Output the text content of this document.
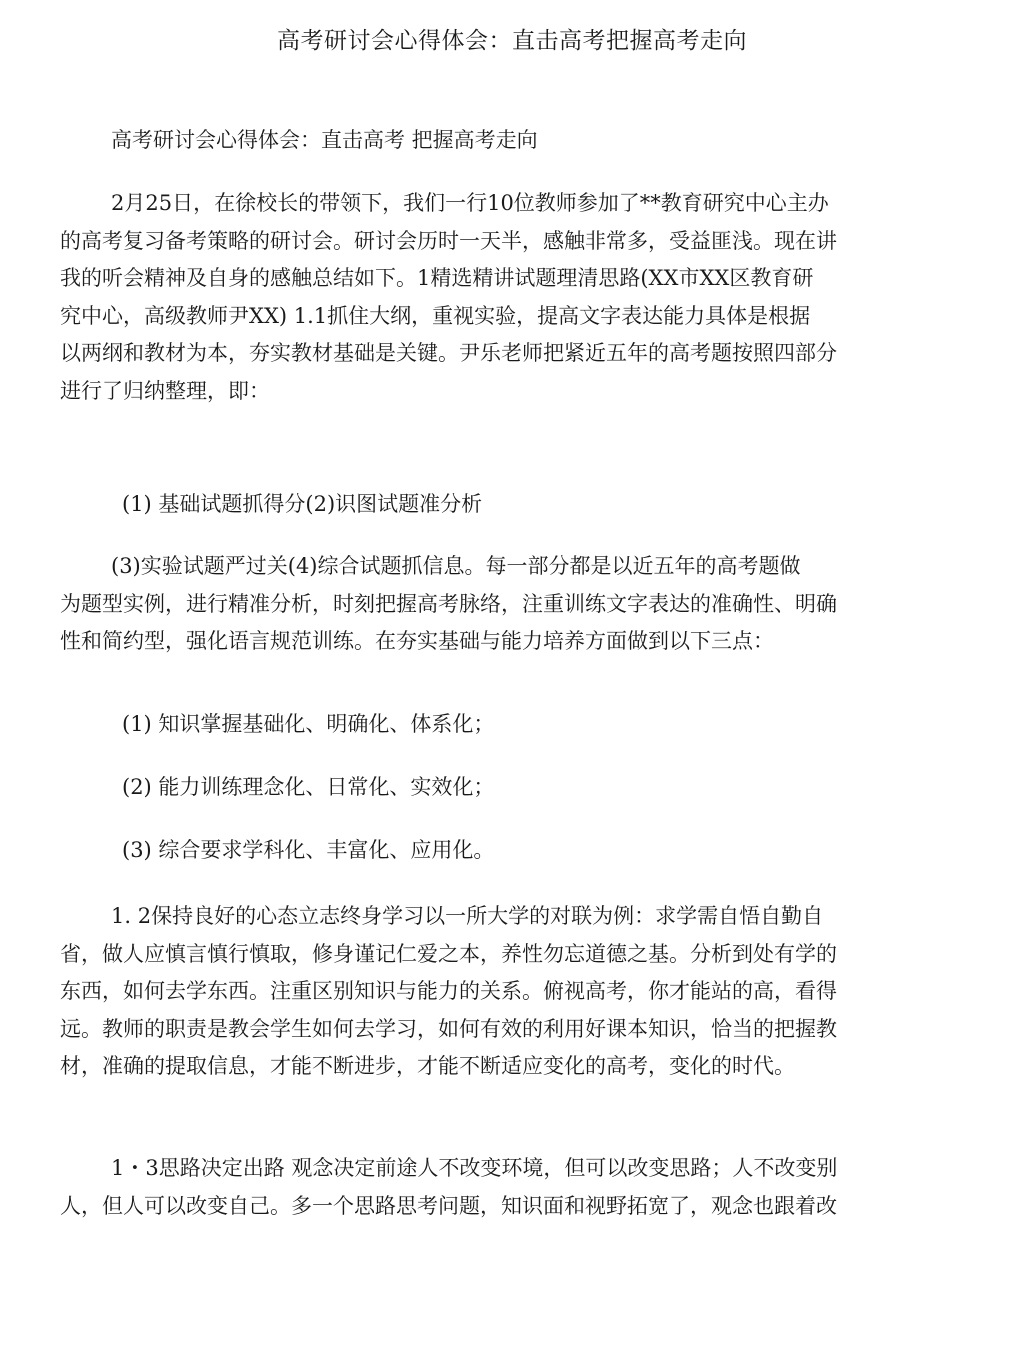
高考研讨会心得体会：直击高考把握高考走向

高考研讨会心得体会：直击高考 把握高考走向

2月25日，在徐校长的带领下，我们一行10位教师参加了**教育研究中心主办
的高考复习备考策略的研讨会。研讨会历时一天半，感触非常多，受益匪浅。现在讲
我的听会精神及自身的感触总结如下。1精选精讲试题理清思路(XX市XX区教育研
究中心，高级教师尹XX) 1.1抓住大纲，重视实验，提高文字表达能力具体是根据
以两纲和教材为本，夯实教材基础是关键。尹乐老师把紧近五年的高考题按照四部分
进行了归纳整理，即：

(1) 基础试题抓得分(2)识图试题准分析

(3)实验试题严过关(4)综合试题抓信息。每一部分都是以近五年的高考题做
为题型实例，进行精准分析，时刻把握高考脉络，注重训练文字表达的准确性、明确
性和简约型，强化语言规范训练。在夯实基础与能力培养方面做到以下三点：

(1) 知识掌握基础化、明确化、体系化；

(2) 能力训练理念化、日常化、实效化；

(3) 综合要求学科化、丰富化、应用化。

1. 2保持良好的心态立志终身学习以一所大学的对联为例：求学需自悟自勤自
省，做人应慎言慎行慎取，修身谨记仁爱之本，养性勿忘道德之基。分析到处有学的
东西，如何去学东西。注重区别知识与能力的关系。俯视高考，你才能站的高，看得
远。教师的职责是教会学生如何去学习，如何有效的利用好课本知识，恰当的把握教
材，准确的提取信息，才能不断进步，才能不断适应变化的高考，变化的时代。
1・3思路决定出路 观念决定前途人不改变环境，但可以改变思路；人不改变别
人，但人可以改变自己。多一个思路思考问题，知识面和视野拓宽了，观念也跟着改
